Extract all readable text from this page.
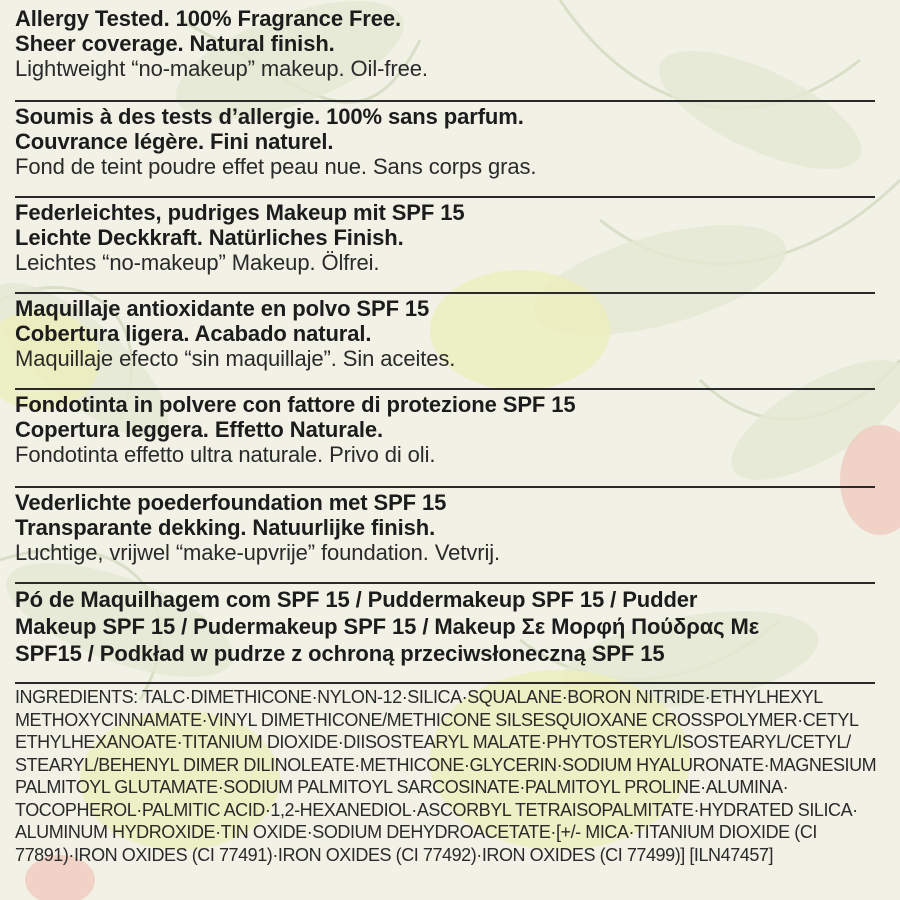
Allergy Tested. 100% Fragrance Free.
Sheer coverage. Natural finish.
Lightweight “no-makeup” makeup. Oil-free.
Soumis à des tests d’allergie. 100% sans parfum.
Couvrance légère. Fini naturel.
Fond de teint poudre effet peau nue. Sans corps gras.
Federleichtes, pudriges Makeup mit SPF 15
Leichte Deckkraft. Natürliches Finish.
Leichtes “no-makeup” Makeup. Ölfrei.
Maquillaje antioxidante en polvo SPF 15
Cobertura ligera. Acabado natural.
Maquillaje efecto “sin maquillaje”. Sin aceites.
Fondotinta in polvere con fattore di protezione SPF 15
Copertura leggera. Effetto Naturale.
Fondotinta effetto ultra naturale. Privo di oli.
Vederlichte poederfoundation met SPF 15
Transparante dekking. Natuurlijke finish.
Luchtige, vrijwel “make-upvrije” foundation. Vetvrij.
Pó de Maquilhagem com SPF 15 / Puddermakeup SPF 15 / Pudder
Makeup SPF 15 / Pudermakeup SPF 15 / Makeup Σε Μορφή Πούδρας Με
SPF15 / Podkład w pudrze z ochroną przeciwsłoneczną SPF 15
INGREDIENTS: TALC·DIMETHICONE·NYLON-12·SILICA·SQUALANE·BORON NITRIDE·ETHYLHEXYL
METHOXYCINNAMATE·VINYL DIMETHICONE/METHICONE SILSESQUIOXANE CROSSPOLYMER·CETYL
ETHYLHEXANOATE·TITANIUM DIOXIDE·DIISOSTEARYL MALATE·PHYTOSTERYL/ISOSTEARYL/CETYL/
STEARYL/BEHENYL DIMER DILINOLEATE·METHICONE·GLYCERIN·SODIUM HYALURONATE·MAGNESIUM
PALMITOYL GLUTAMATE·SODIUM PALMITOYL SARCOSINATE·PALMITOYL PROLINE·ALUMINA·
TOCOPHEROL·PALMITIC ACID·1,2-HEXANEDIOL·ASCORBYL TETRAISOPALMITATE·HYDRATED SILICA·
ALUMINUM HYDROXIDE·TIN OXIDE·SODIUM DEHYDROACETATE·[+/- MICA·TITANIUM DIOXIDE (CI
77891)·IRON OXIDES (CI 77491)·IRON OXIDES (CI 77492)·IRON OXIDES (CI 77499)] [ILN47457]
